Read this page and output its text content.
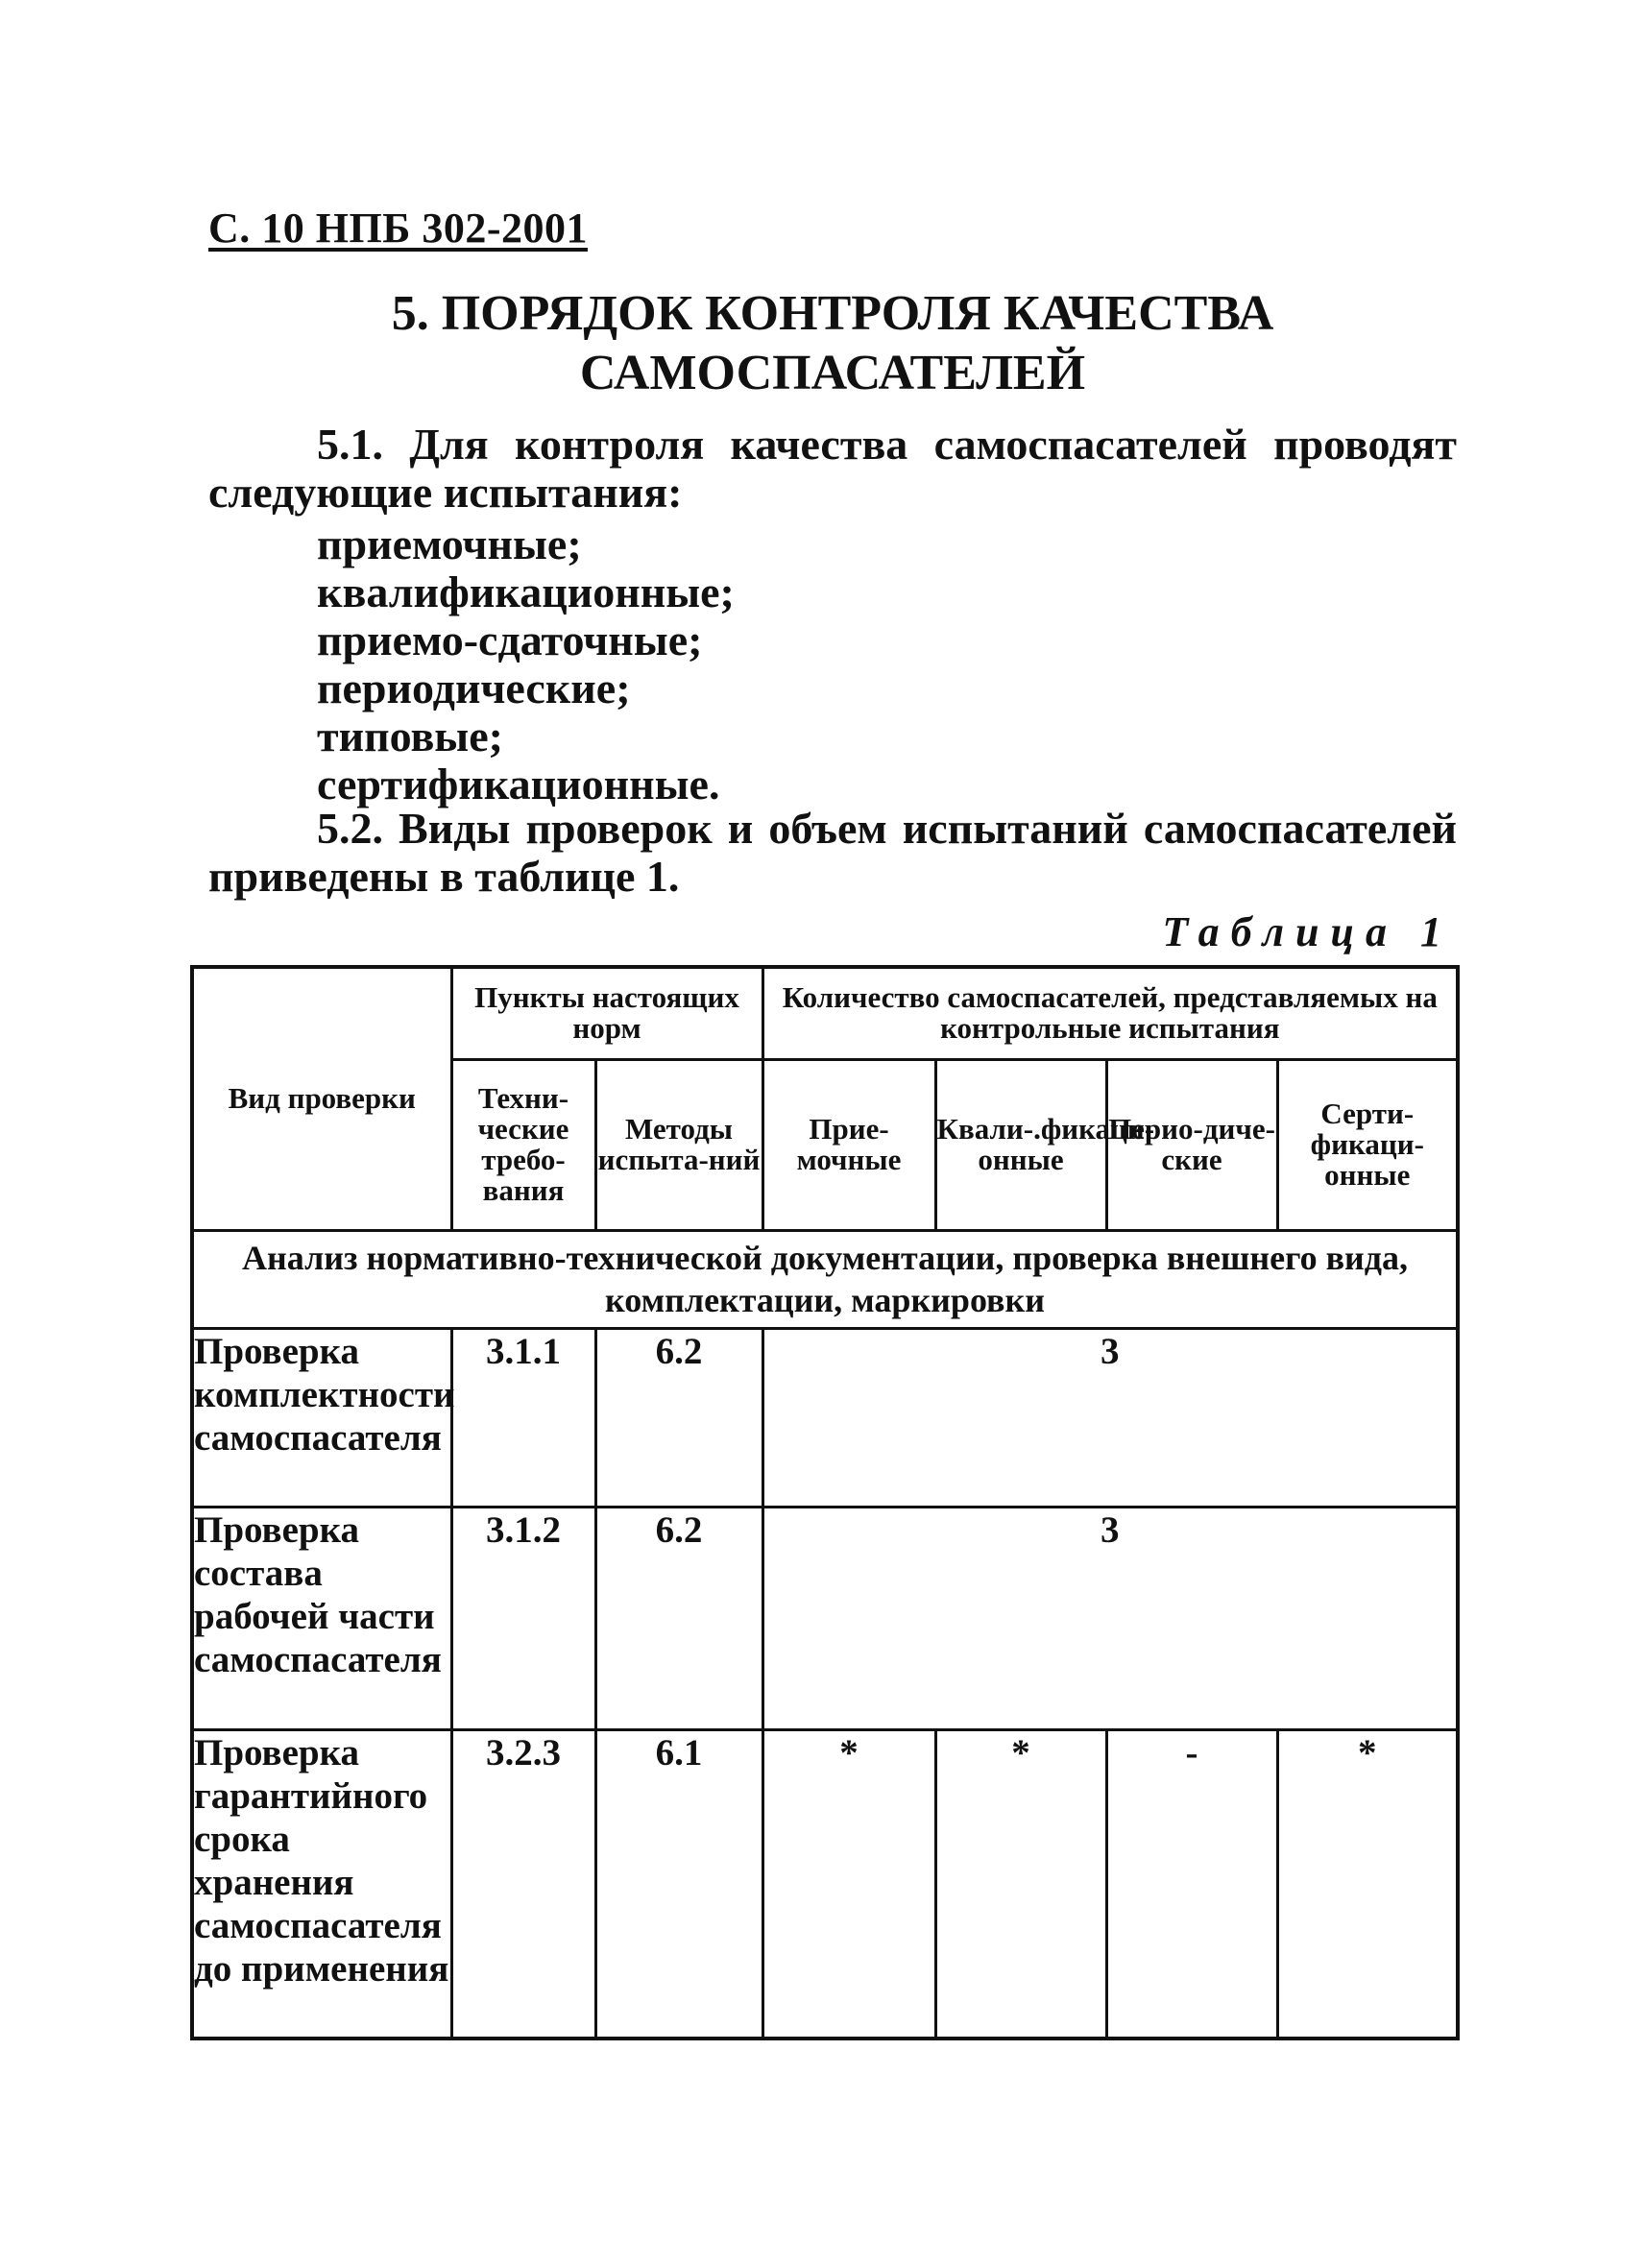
С. 10 НПБ 302-2001
5. ПОРЯДОК КОНТРОЛЯ КАЧЕСТВА
САМОСПАСАТЕЛЕЙ
5.1. Для контроля качества самоспасателей проводят
следующие испытания:
приемочные;
квалификационные;
приемо-сдаточные;
периодические;
типовые;
сертификационные.
5.2. Виды проверок и объем испытаний самоспасателей
приведены в таблице 1.
Таблица 1
Вид проверки	Пункты настоящих норм		Количество самоспасателей, представляемых на контрольные испытания			
	Техни-ческие требо-вания	Методы испыта-ний	Прие-мочные	Квали-.фикаци-онные	Перио-диче-ские	Серти-фикаци-онные
Анализ нормативно-технической документации, проверка внешнего вида, комплектации, маркировки						
Проверка комплектности самоспасателя	3.1.1	6.2	3			
Проверка состава рабочей части самоспасателя	3.1.2	6.2	3			
Проверка гарантийного срока хранения самоспасателя до применения	3.2.3	6.1	*	*	-	*
